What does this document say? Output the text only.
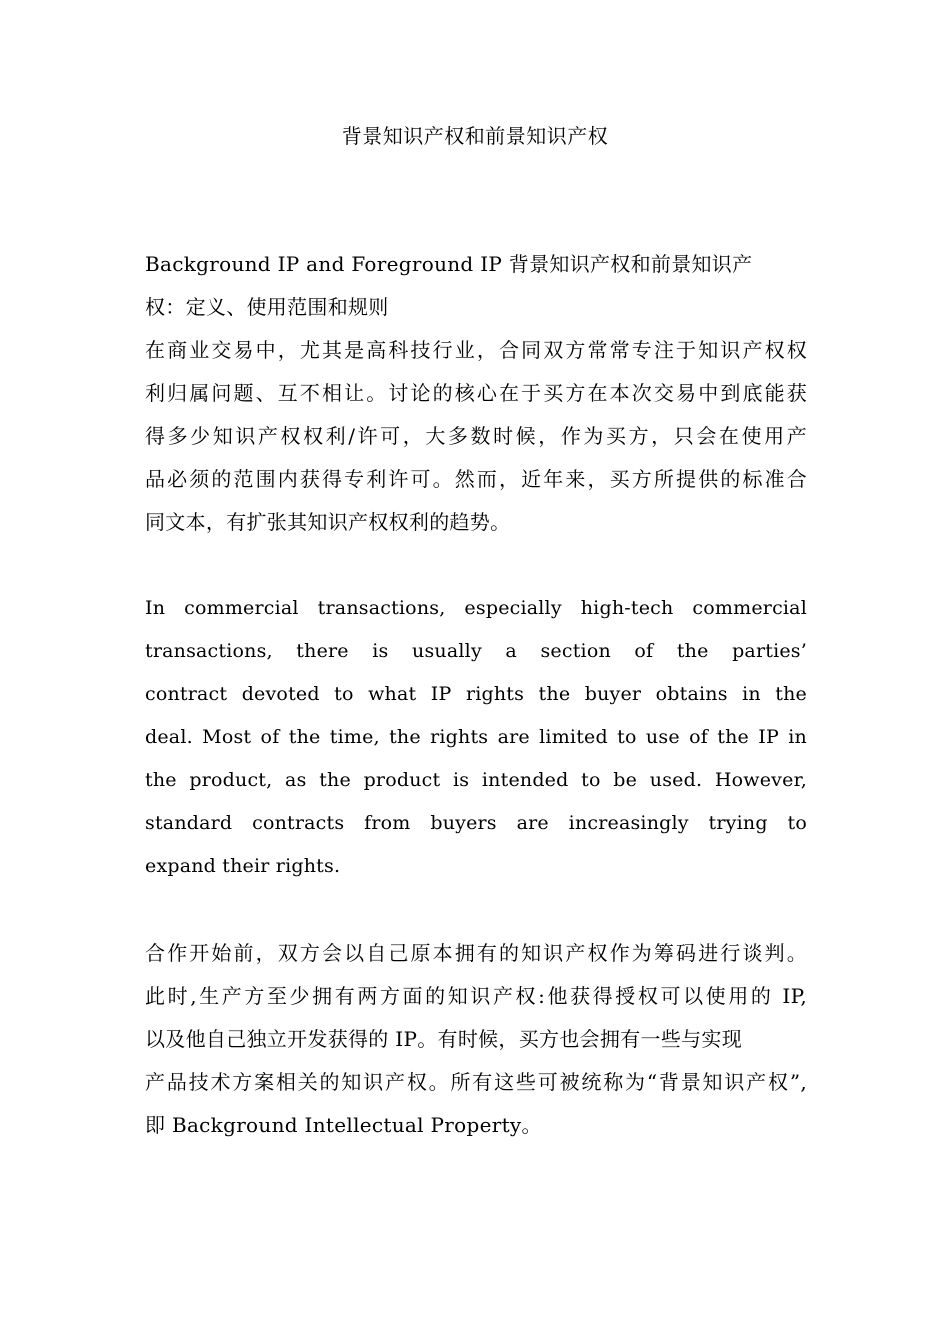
背景知识产权和前景知识产权
Background IP and Foreground IP 背景知识产权和前景知识产
权：定义、使用范围和规则
在商业交易中，尤其是高科技行业，合同双方常常专注于知识产权权
利归属问题、互不相让。讨论的核心在于买方在本次交易中到底能获
得多少知识产权权利/许可，大多数时候，作为买方，只会在使用产
品必须的范围内获得专利许可。然而，近年来，买方所提供的标准合
同文本，有扩张其知识产权权利的趋势。
In commercial transactions, especially high-tech commercial
transactions, there is usually a section of the parties’
contract devoted to what IP rights the buyer obtains in the
deal. Most of the time, the rights are limited to use of the IP in
the product, as the product is intended to be used. However,
standard contracts from buyers are increasingly trying to
expand their rights.
合作开始前，双方会以自己原本拥有的知识产权作为筹码进行谈判。
此时,生产方至少拥有两方面的知识产权:他获得授权可以使用的 IP,
以及他自己独立开发获得的 IP。有时候，买方也会拥有一些与实现
产品技术方案相关的知识产权。所有这些可被统称为“背景知识产权”,
即 Background Intellectual Property。
